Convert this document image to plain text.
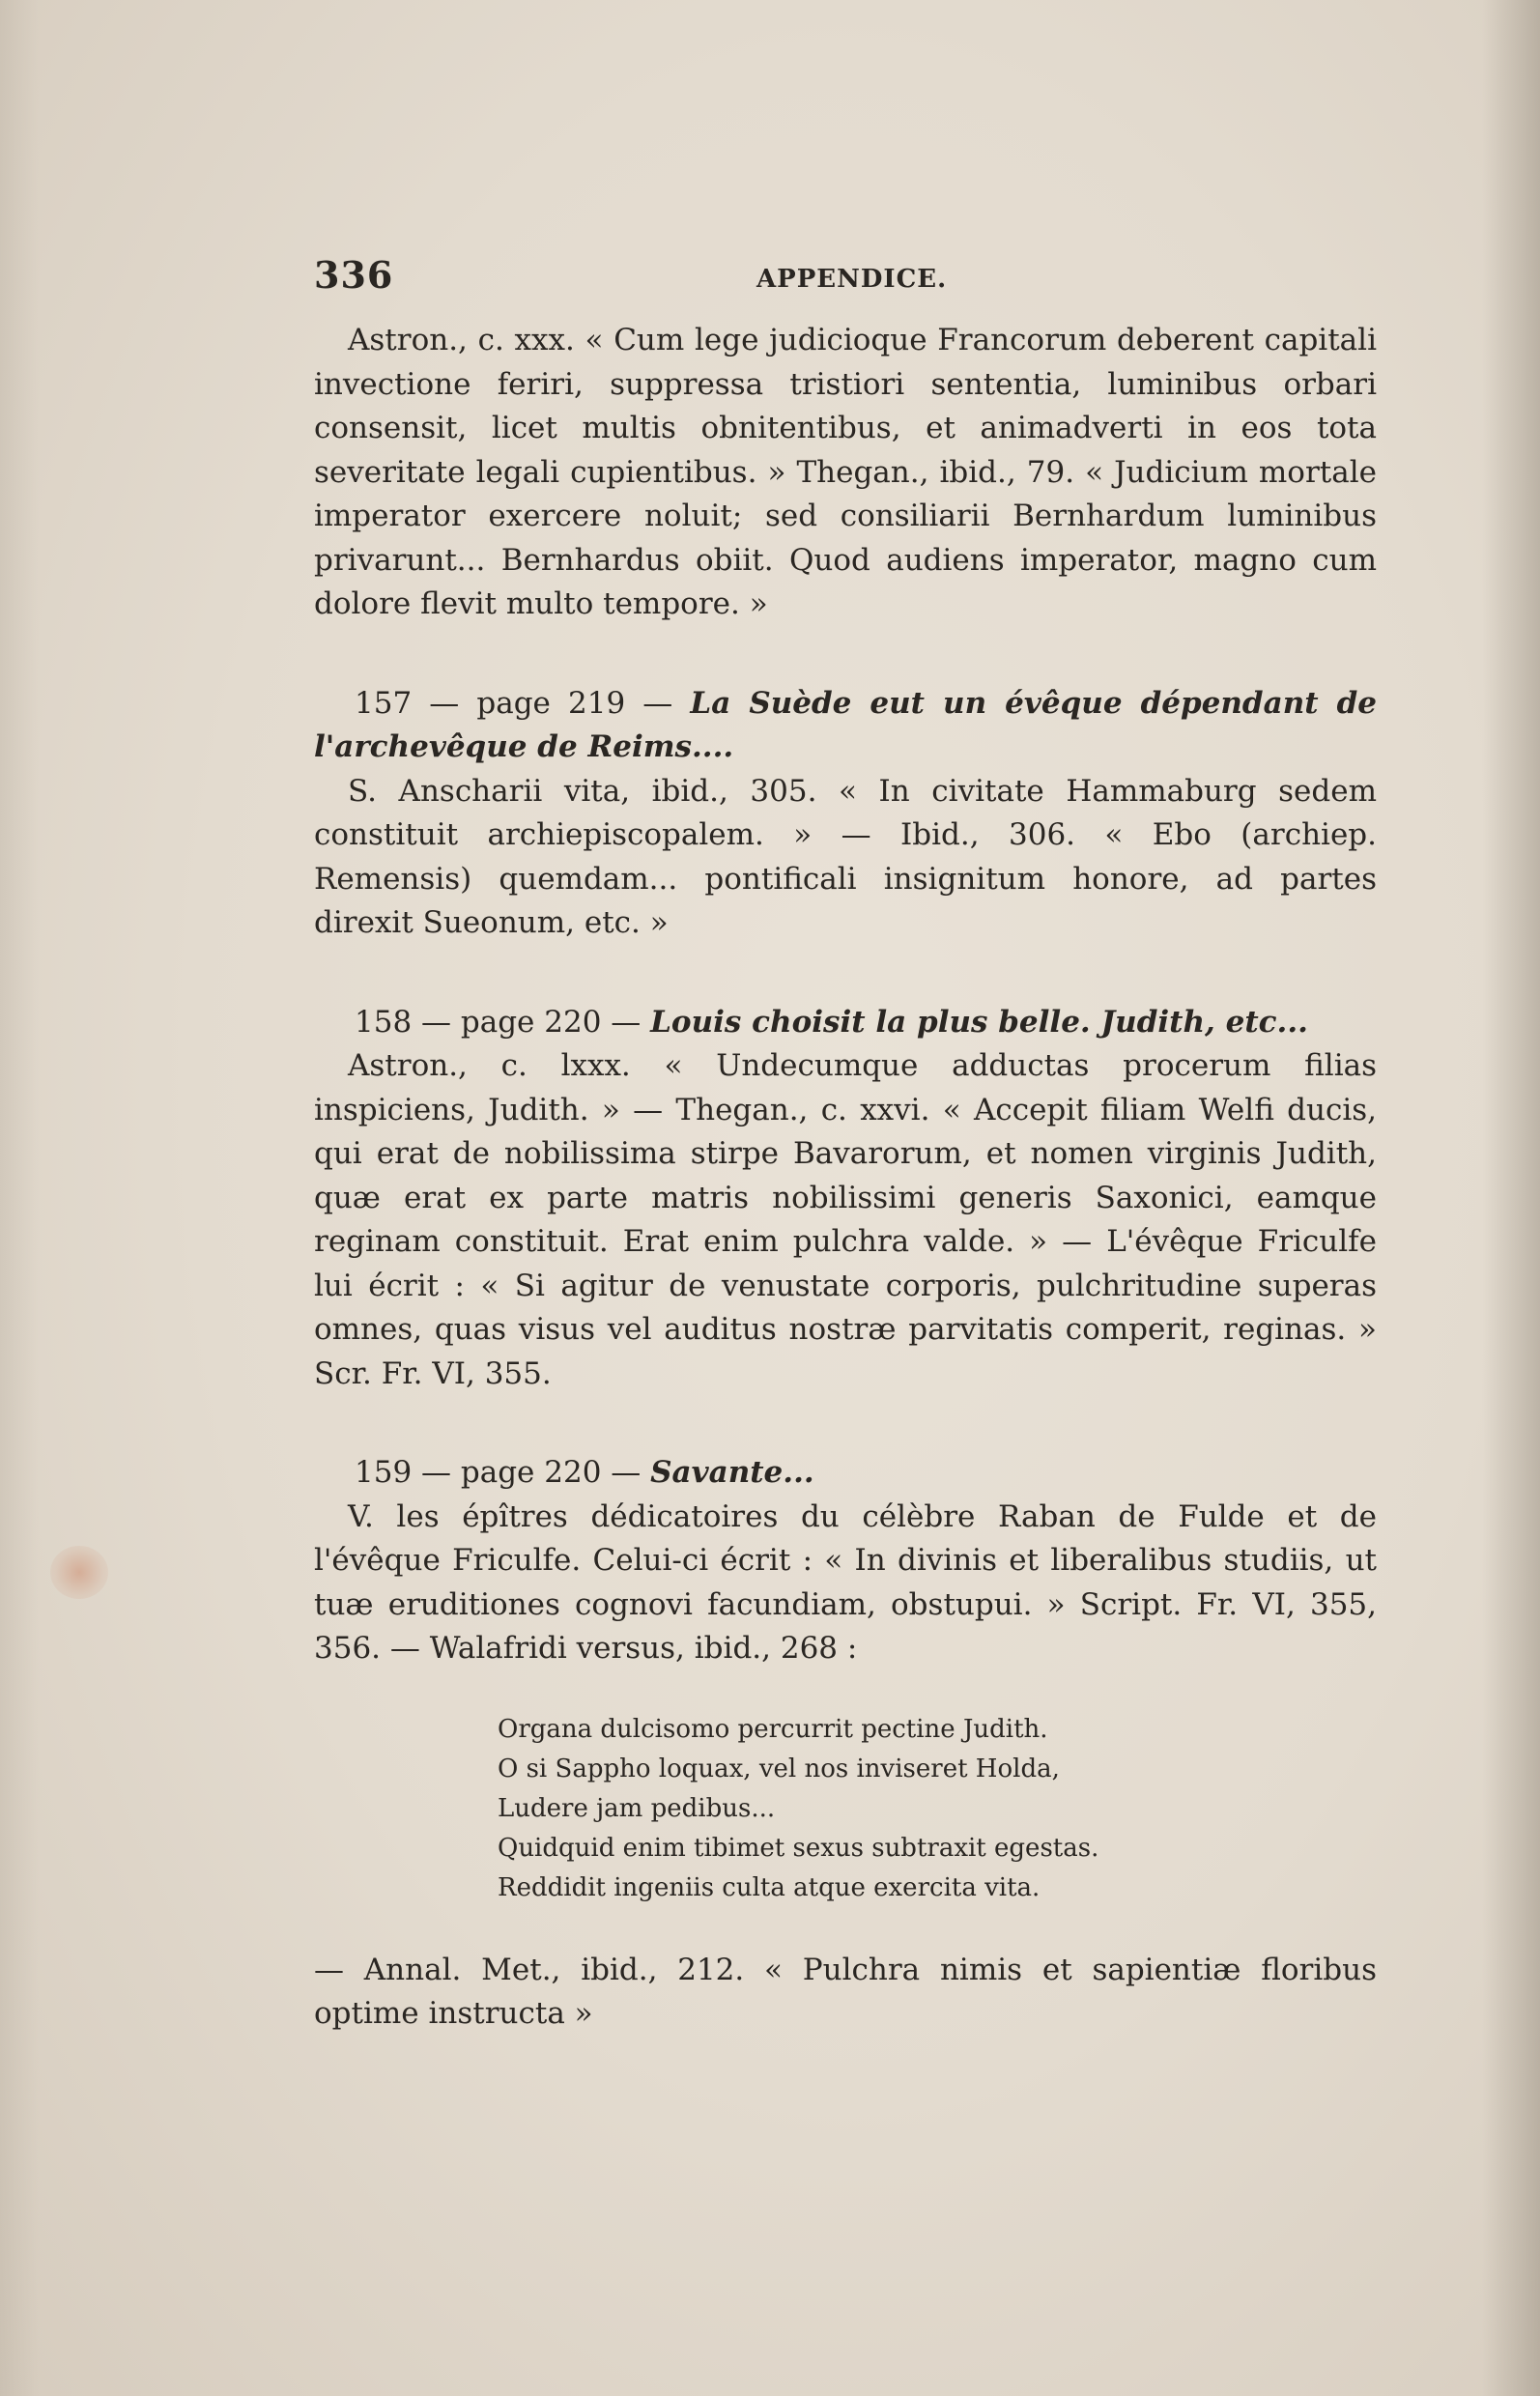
336	APPENDICE.

Astron., c. xxx. « Cum lege judicioque Francorum deberent capitali invectione feriri, suppressa tristiori sententia, luminibus orbari consensit, licet multis obnitentibus, et animadverti in eos tota severitate legali cupientibus. » Thegan., ibid., 79. « Judicium mortale imperator exercere noluit; sed consiliarii Bernhardum luminibus privarunt... Bernhardus obiit. Quod audiens imperator, magno cum dolore flevit multo tempore. »

157 — page 219 — La Suède eut un évêque dépendant de l'archevêque de Reims....

S. Anscharii vita, ibid., 305. « In civitate Hammaburg sedem constituit archiepiscopalem. » — Ibid., 306. « Ebo (archiep. Remensis) quemdam... pontificali insignitum honore, ad partes direxit Sueonum, etc. »

158 — page 220 — Louis choisit la plus belle. Judith, etc...

Astron., c. lxxx. « Undecumque adductas procerum filias inspiciens, Judith. » — Thegan., c. xxvi. « Accepit filiam Welfi ducis, qui erat de nobilissima stirpe Bavarorum, et nomen virginis Judith, quæ erat ex parte matris nobilissimi generis Saxonici, eamque reginam constituit. Erat enim pulchra valde. » — L'évêque Friculfe lui écrit : « Si agitur de venustate corporis, pulchritudine superas omnes, quas visus vel auditus nostræ parvitatis comperit, reginas. » Scr. Fr. VI, 355.

159 — page 220 — Savante...

V. les épîtres dédicatoires du célèbre Raban de Fulde et de l'évêque Friculfe. Celui-ci écrit : « In divinis et liberalibus studiis, ut tuæ eruditiones cognovi facundiam, obstupui. » Script. Fr. VI, 355, 356. — Walafridi versus, ibid., 268 :

Organa dulcisomo percurrit pectine Judith.
O si Sappho loquax, vel nos inviseret Holda,
Ludere jam pedibus...
Quidquid enim tibimet sexus subtraxit egestas.
Reddidit ingeniis culta atque exercita vita.

— Annal. Met., ibid., 212. « Pulchra nimis et sapientiæ floribus optime instructa »
